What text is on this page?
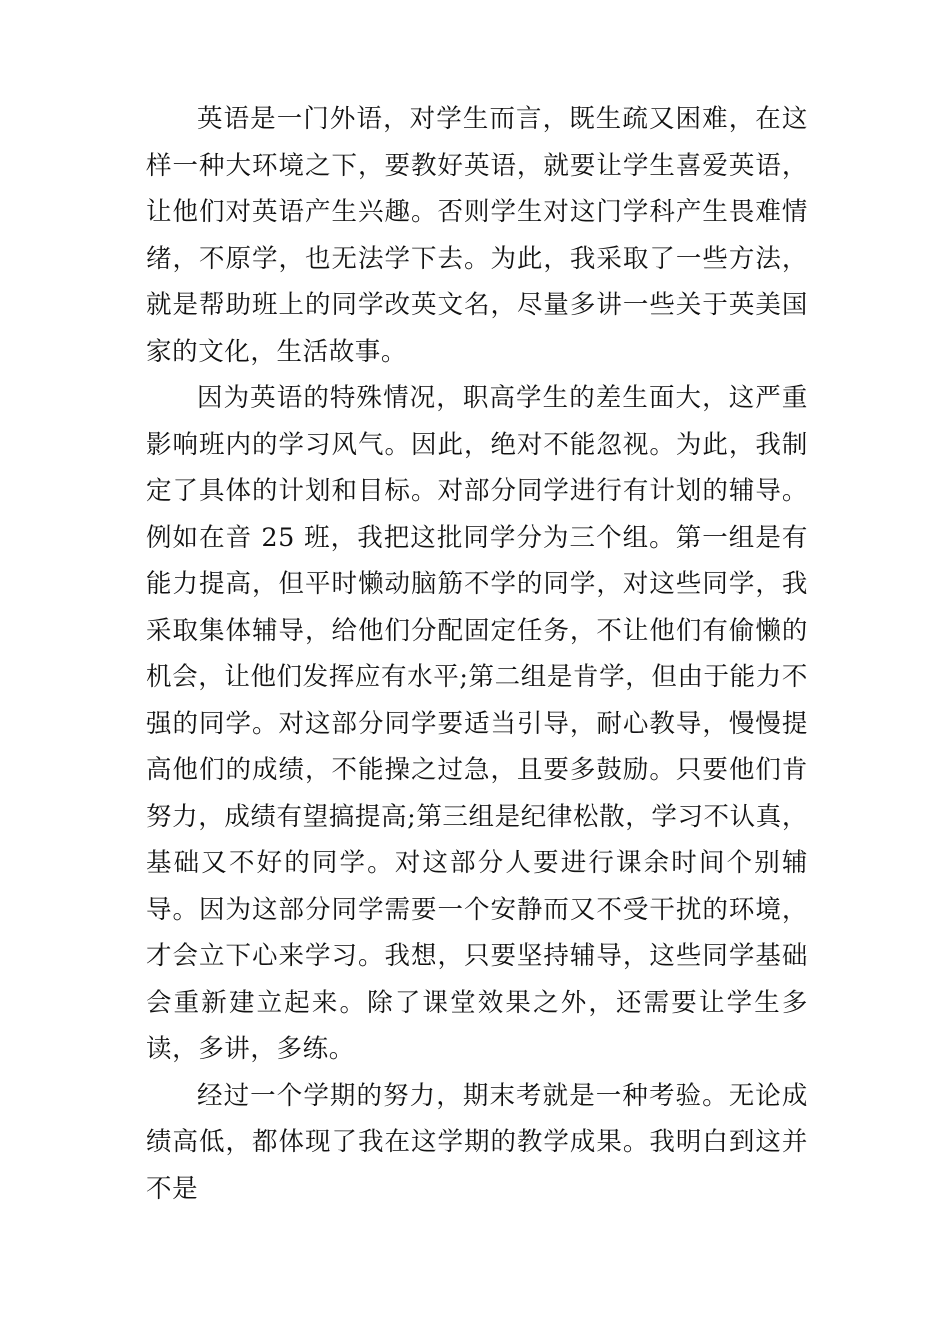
英语是一门外语，对学生而言，既生疏又困难，在这样一种大环境之下，要教好英语，就要让学生喜爱英语，让他们对英语产生兴趣。否则学生对这门学科产生畏难情绪，不原学，也无法学下去。为此，我采取了一些方法，就是帮助班上的同学改英文名，尽量多讲一些关于英美国家的文化，生活故事。

因为英语的特殊情况，职高学生的差生面大，这严重影响班内的学习风气。因此，绝对不能忽视。为此，我制定了具体的计划和目标。对部分同学进行有计划的辅导。例如在音 25 班，我把这批同学分为三个组。第一组是有能力提高，但平时懒动脑筋不学的同学，对这些同学，我采取集体辅导，给他们分配固定任务，不让他们有偷懒的机会，让他们发挥应有水平;第二组是肯学，但由于能力不强的同学。对这部分同学要适当引导，耐心教导，慢慢提高他们的成绩，不能操之过急，且要多鼓励。只要他们肯努力，成绩有望搞提高;第三组是纪律松散，学习不认真，基础又不好的同学。对这部分人要进行课余时间个别辅导。因为这部分同学需要一个安静而又不受干扰的环境，才会立下心来学习。我想，只要坚持辅导，这些同学基础会重新建立起来。除了课堂效果之外，还需要让学生多读，多讲，多练。

经过一个学期的努力，期末考就是一种考验。无论成绩高低，都体现了我在这学期的教学成果。我明白到这并不是
